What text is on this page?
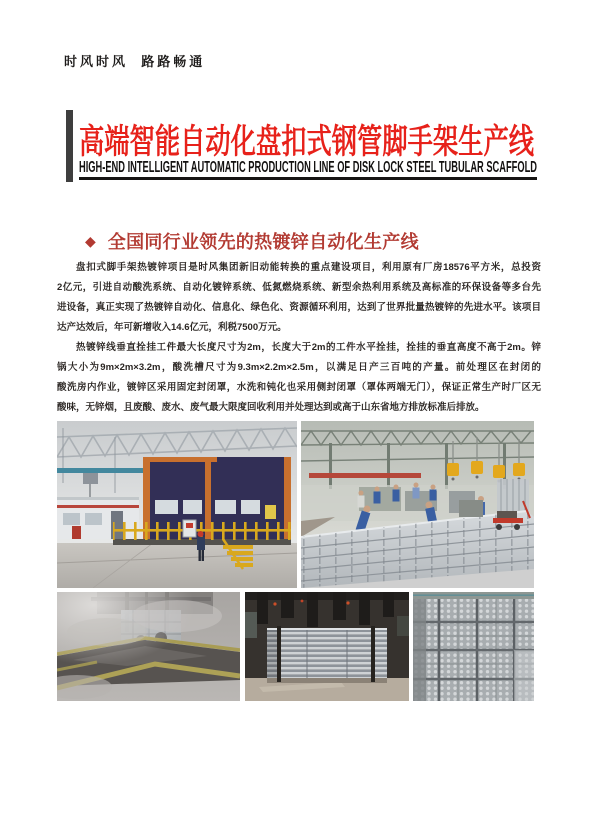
时风时风  路路畅通
高端智能自动化盘扣式钢管脚手架生产线
HIGH-END INTELLIGENT AUTOMATIC PRODUCTION LINE OF DISK LOCK STEEL TUBULAR SCAFFOLD
◆ 全国同行业领先的热镀锌自动化生产线
盘扣式脚手架热镀锌项目是时风集团新旧动能转换的重点建设项目，利用原有厂房18576平方米，总投资
2亿元，引进自动酸洗系统、自动化镀锌系统、低氮燃烧系统、新型余热利用系统及高标准的环保设备等多台先
进设备，真正实现了热镀锌自动化、信息化、绿色化、资源循环利用，达到了世界批量热镀锌的先进水平。该项目
达产达效后，年可新增收入14.6亿元，利税7500万元。
热镀锌线垂直拴挂工件最大长度尺寸为2m，长度大于2m的工件水平拴挂，拴挂的垂直高度不高于2m。锌
锅大小为9m×2m×3.2m，酸洗槽尺寸为9.3m×2.2m×2.5m，以满足日产三百吨的产量。前处理区在封闭的
酸洗房内作业，镀锌区采用固定封闭罩，水洗和钝化也采用侧封闭罩（罩体两端无门），保证正常生产时厂区无
酸味，无锌烟，且废酸、废水、废气最大限度回收利用并处理达到或高于山东省地方排放标准后排放。
